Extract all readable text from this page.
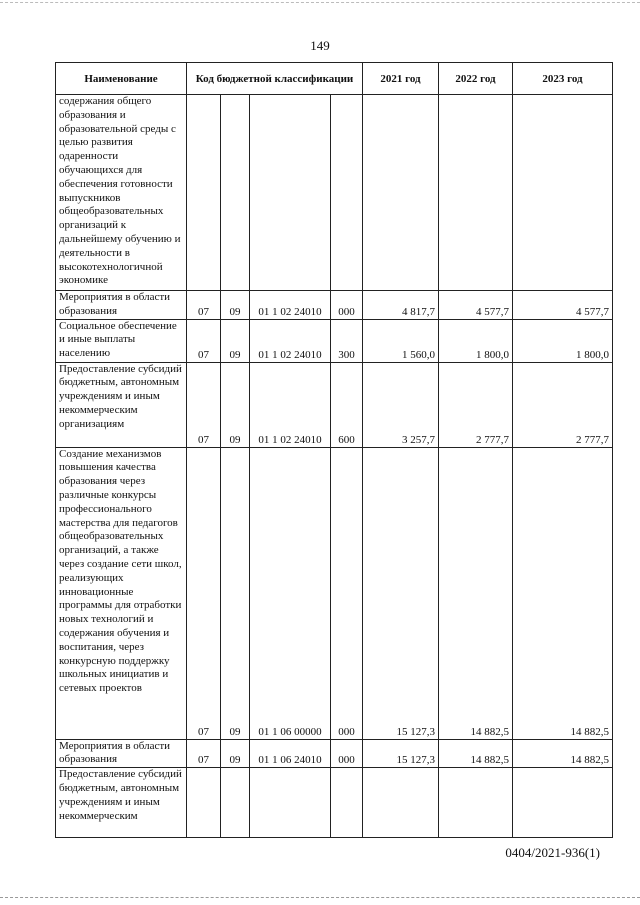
149
Наименование	Код бюджетной классификации				2021 год	2022 год	2023 год
содержания общего образования и образовательной среды с целью развития одаренности обучающихся для обеспечения готовности выпускников общеобразовательных организаций к дальнейшему обучению и деятельности в высокотехнологичной экономике							
Мероприятия в области образования	07	09	01 1 02 24010	000	4 817,7	4 577,7	4 577,7
Социальное обеспечение и иные выплаты населению	07	09	01 1 02 24010	300	1 560,0	1 800,0	1 800,0
Предоставление субсидий бюджетным, автономным учреждениям и иным некоммерческим организациям	07	09	01 1 02 24010	600	3 257,7	2 777,7	2 777,7
Создание механизмов повышения качества образования через различные конкурсы профессионального мастерства для педагогов общеобразовательных организаций, а также через создание сети школ, реализующих инновационные программы для отработки новых технологий и содержания обучения и воспитания, через конкурсную поддержку школьных инициатив и сетевых проектов	07	09	01 1 06 00000	000	15 127,3	14 882,5	14 882,5
Мероприятия в области образования	07	09	01 1 06 24010	000	15 127,3	14 882,5	14 882,5
Предоставление субсидий бюджетным, автономным учреждениям и иным некоммерческим							
0404/2021-936(1)
